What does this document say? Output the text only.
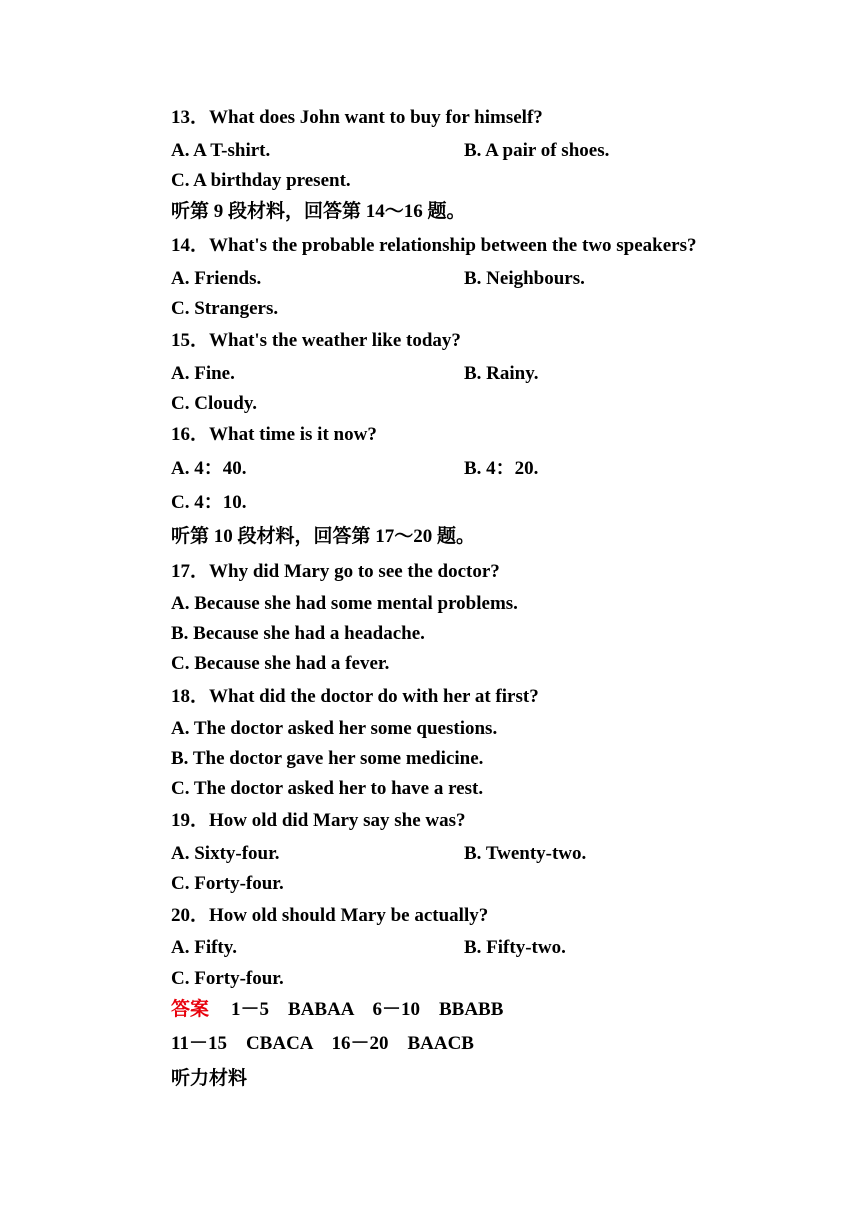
13．What does John want to buy for himself?
A. A T-shirt.	B. A pair of shoes.
C. A birthday present.
听第 9 段材料，回答第 14～16 题。
14．What's the probable relationship between the two speakers?
A. Friends.	B. Neighbours.
C. Strangers.
15．What's the weather like today?
A. Fine.	B. Rainy.
C. Cloudy.
16．What time is it now?
A. 4：40.	B. 4：20.
C. 4：10.
听第 10 段材料，回答第 17～20 题。
17．Why did Mary go to see the doctor?
A. Because she had some mental problems.
B. Because she had a headache.
C. Because she had a fever.
18．What did the doctor do with her at first?
A. The doctor asked her some questions.
B. The doctor gave her some medicine.
C. The doctor asked her to have a rest.
19．How old did Mary say she was?
A. Sixty-four.	B. Twenty-two.
C. Forty-four.
20．How old should Mary be actually?
A. Fifty.	B. Fifty-two.
C. Forty-four.
答案 1－5　BABAA　6－10　BBABB
11－15　CBACA　16－20　BAACB
听力材料
